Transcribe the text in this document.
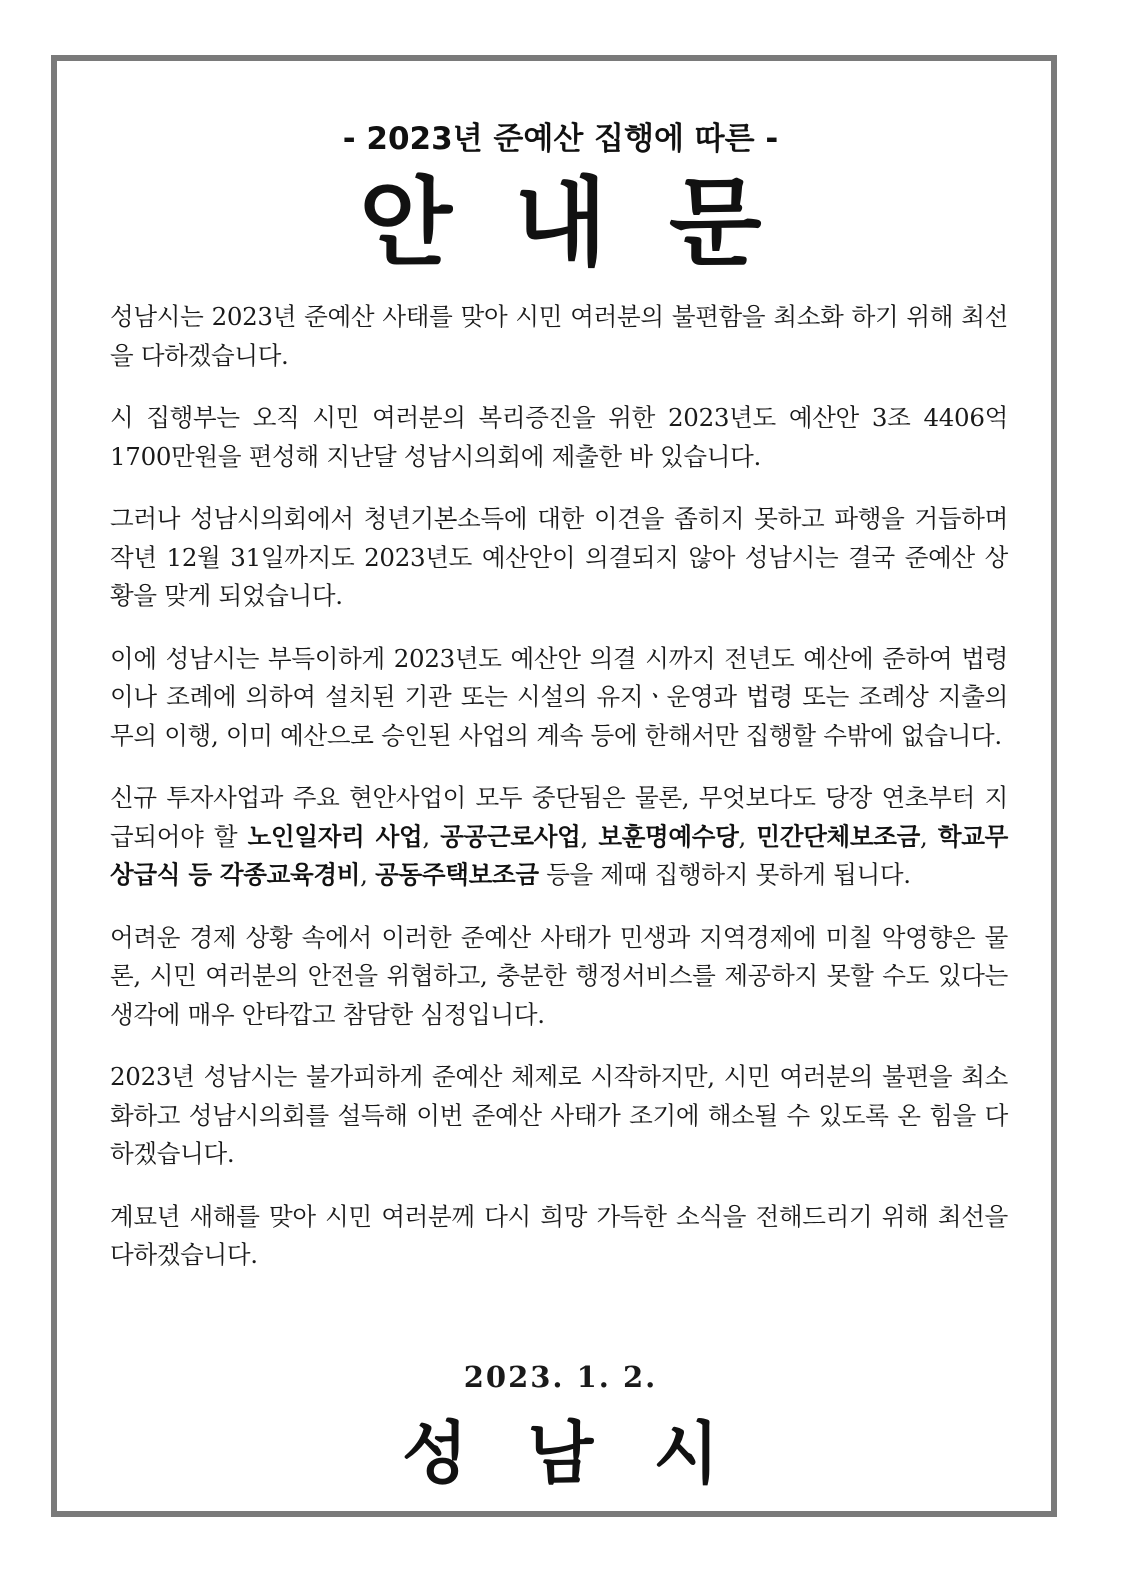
- 2023년 준예산 집행에 따른 -
안내문

성남시는 2023년 준예산 사태를 맞아 시민 여러분의 불편함을 최소화 하기 위해 최선을 다하겠습니다.

시 집행부는 오직 시민 여러분의 복리증진을 위한 2023년도 예산안 3조 4406억 1700만원을 편성해 지난달 성남시의회에 제출한 바 있습니다.

그러나 성남시의회에서 청년기본소득에 대한 이견을 좁히지 못하고 파행을 거듭하며 작년 12월 31일까지도 2023년도 예산안이 의결되지 않아 성남시는 결국 준예산 상황을 맞게 되었습니다.

이에 성남시는 부득이하게 2023년도 예산안 의결 시까지 전년도 예산에 준하여 법령이나 조례에 의하여 설치된 기관 또는 시설의 유지ㆍ운영과 법령 또는 조례상 지출의무의 이행, 이미 예산으로 승인된 사업의 계속 등에 한해서만 집행할 수밖에 없습니다.

신규 투자사업과 주요 현안사업이 모두 중단됨은 물론, 무엇보다도 당장 연초부터 지급되어야 할 노인일자리 사업, 공공근로사업, 보훈명예수당, 민간단체보조금, 학교무상급식 등 각종교육경비, 공동주택보조금 등을 제때 집행하지 못하게 됩니다.

어려운 경제 상황 속에서 이러한 준예산 사태가 민생과 지역경제에 미칠 악영향은 물론, 시민 여러분의 안전을 위협하고, 충분한 행정서비스를 제공하지 못할 수도 있다는 생각에 매우 안타깝고 참담한 심정입니다.

2023년 성남시는 불가피하게 준예산 체제로 시작하지만, 시민 여러분의 불편을 최소화하고 성남시의회를 설득해 이번 준예산 사태가 조기에 해소될 수 있도록 온 힘을 다하겠습니다.

계묘년 새해를 맞아 시민 여러분께 다시 희망 가득한 소식을 전해드리기 위해 최선을 다하겠습니다.

2023. 1. 2.
성남시
